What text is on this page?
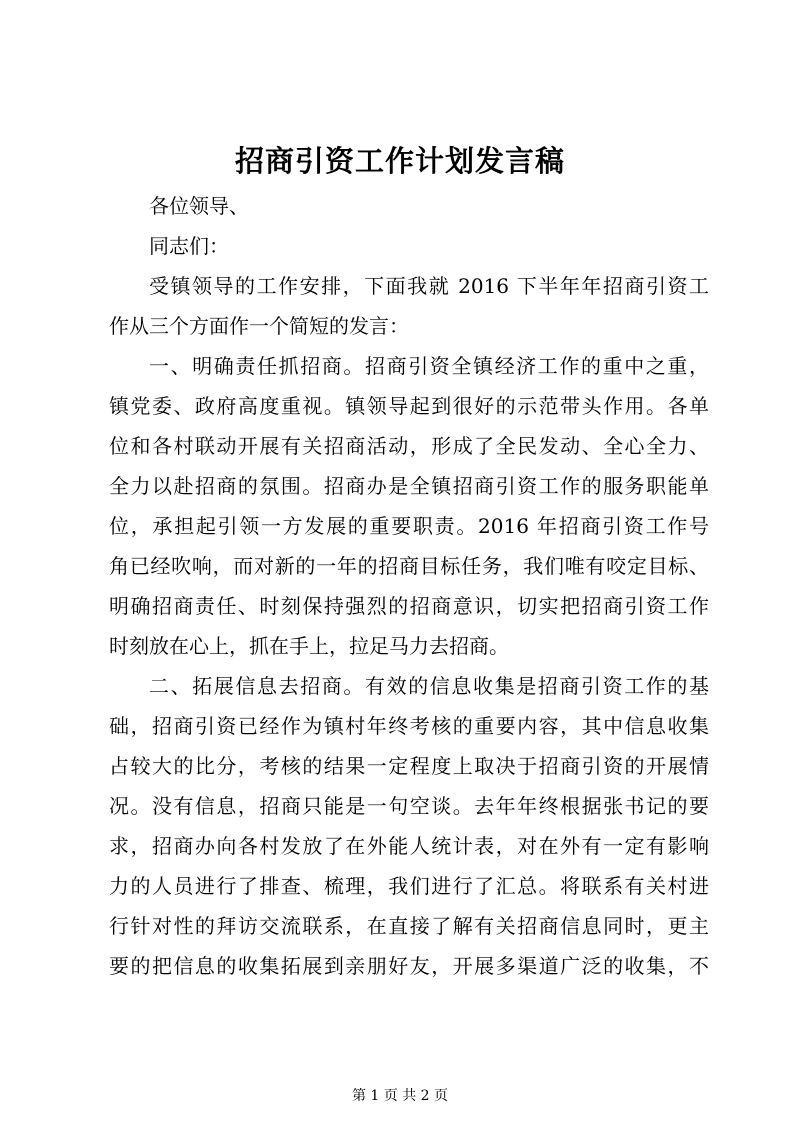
招商引资工作计划发言稿
各位领导、
同志们：
受镇领导的工作安排，下面我就 2016 下半年年招商引资工
作从三个方面作一个简短的发言：
一、明确责任抓招商。招商引资全镇经济工作的重中之重，
镇党委、政府高度重视。镇领导起到很好的示范带头作用。各单
位和各村联动开展有关招商活动，形成了全民发动、全心全力、
全力以赴招商的氛围。招商办是全镇招商引资工作的服务职能单
位，承担起引领一方发展的重要职责。2016 年招商引资工作号
角已经吹响，而对新的一年的招商目标任务，我们唯有咬定目标、
明确招商责任、时刻保持强烈的招商意识，切实把招商引资工作
时刻放在心上，抓在手上，拉足马力去招商。
二、拓展信息去招商。有效的信息收集是招商引资工作的基
础，招商引资已经作为镇村年终考核的重要内容，其中信息收集
占较大的比分，考核的结果一定程度上取决于招商引资的开展情
况。没有信息，招商只能是一句空谈。去年年终根据张书记的要
求，招商办向各村发放了在外能人统计表，对在外有一定有影响
力的人员进行了排查、梳理，我们进行了汇总。将联系有关村进
行针对性的拜访交流联系，在直接了解有关招商信息同时，更主
要的把信息的收集拓展到亲朋好友，开展多渠道广泛的收集，不
第 1 页 共 2 页
